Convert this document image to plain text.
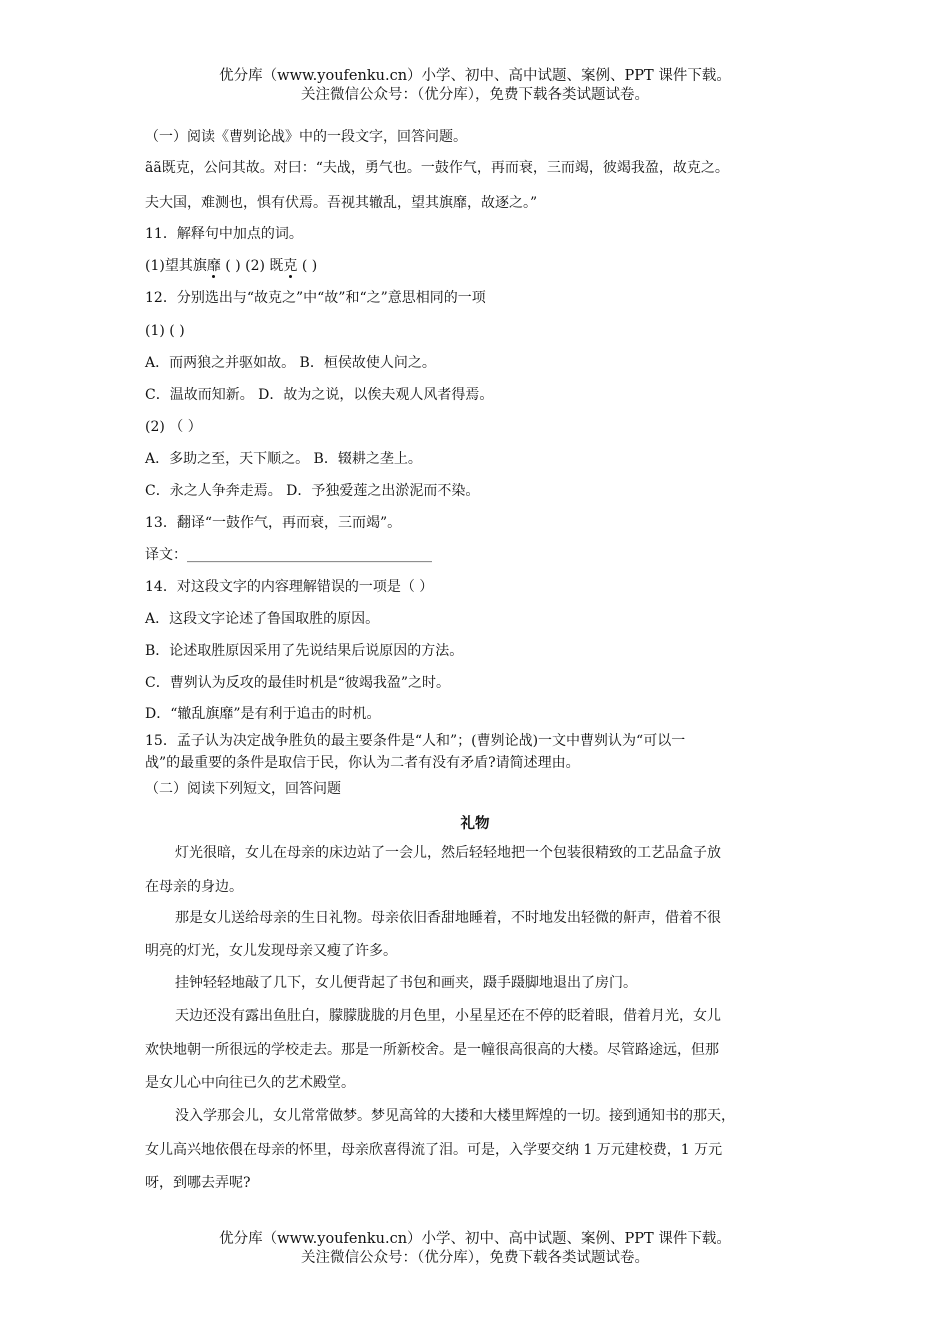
优分库（www.youfenku.cn）小学、初中、高中试题、案例、PPT 课件下载。
关注微信公众号：（优分库），免费下载各类试题试卷。
（一）阅读《曹刿论战》中的一段文字，回答问题。
ãã既克，公问其故。对曰：“夫战，勇气也。一鼓作气，再而衰，三而竭，彼竭我盈，故克之。
夫大国，难测也，惧有伏焉。吾视其辙乱，望其旗靡，故逐之。”
11．解释句中加点的词。
(1)望其旗靡 ( ) (2) 既克 ( )
12．分别选出与“故克之”中“故”和“之”意思相同的一项
(1) ( )
A．而两狼之并驱如故。 B．桓侯故使人问之。
C．温故而知新。 D．故为之说，以俟夫观人风者得焉。
(2) （ ）
A．多助之至，天下顺之。 B．辍耕之垄上。
C．永之人争奔走焉。 D．予独爱莲之出淤泥而不染。
13．翻译“一鼓作气，再而衰，三而竭”。
译文：___________________________________
14．对这段文字的内容理解错误的一项是（ ）
A．这段文字论述了鲁国取胜的原因。
B．论述取胜原因采用了先说结果后说原因的方法。
C．曹刿认为反攻的最佳时机是“彼竭我盈”之时。
D．“辙乱旗靡”是有利于追击的时机。
15．孟子认为决定战争胜负的最主要条件是“人和”；(曹刿论战)一文中曹刿认为“可以一
战”的最重要的条件是取信于民，你认为二者有没有矛盾?请简述理由。
（二）阅读下列短文，回答问题
礼物
灯光很暗，女儿在母亲的床边站了一会儿，然后轻轻地把一个包装很精致的工艺品盒子放
在母亲的身边。
那是女儿送给母亲的生日礼物。母亲依旧香甜地睡着，不时地发出轻微的鼾声，借着不很
明亮的灯光，女儿发现母亲又瘦了许多。
挂钟轻轻地敲了几下，女儿便背起了书包和画夹，蹑手蹑脚地退出了房门。
天边还没有露出鱼肚白，朦朦胧胧的月色里，小星星还在不停的眨着眼，借着月光，女儿
欢快地朝一所很远的学校走去。那是一所新校舍。是一幢很高很高的大楼。尽管路途远，但那
是女儿心中向往已久的艺术殿堂。
没入学那会儿，女儿常常做梦。梦见高耸的大搂和大楼里辉煌的一切。接到通知书的那天，
女儿高兴地依偎在母亲的怀里，母亲欣喜得流了泪。可是，入学要交纳 1 万元建校费，1 万元
呀，到哪去弄呢?
优分库（www.youfenku.cn）小学、初中、高中试题、案例、PPT 课件下载。
关注微信公众号：（优分库），免费下载各类试题试卷。
